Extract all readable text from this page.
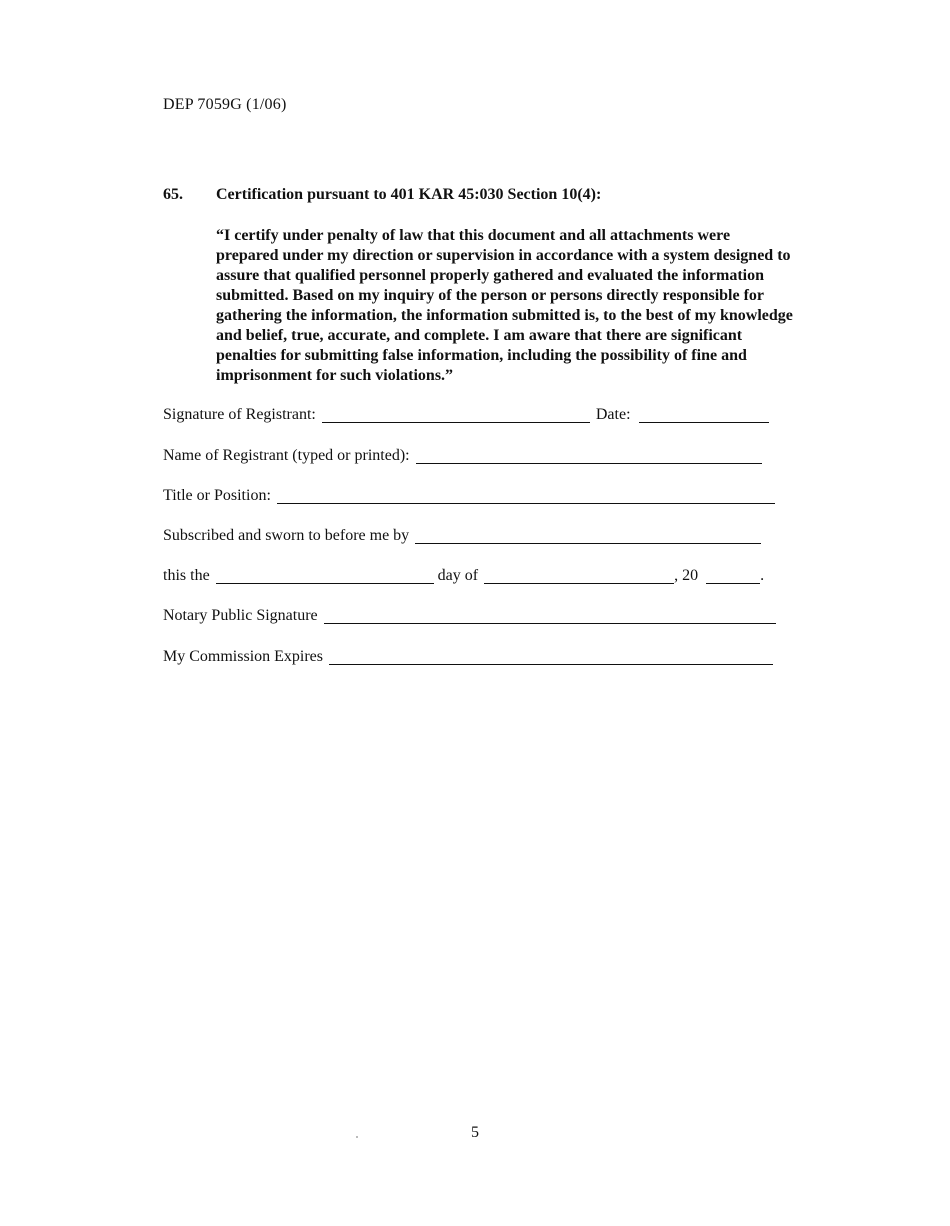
DEP 7059G (1/06)
65. Certification pursuant to 401 KAR 45:030 Section 10(4):

“I certify under penalty of law that this document and all attachments were prepared under my direction or supervision in accordance with a system designed to assure that qualified personnel properly gathered and evaluated the information submitted. Based on my inquiry of the person or persons directly responsible for gathering the information, the information submitted is, to the best of my knowledge and belief, true, accurate, and complete. I am aware that there are significant penalties for submitting false information, including the possibility of fine and imprisonment for such violations.”

Signature of Registrant:	Date:
Name of Registrant (typed or printed):
Title or Position:
Subscribed and sworn to before me by
this the	day of	, 20	.
Notary Public Signature
My Commission Expires
5
